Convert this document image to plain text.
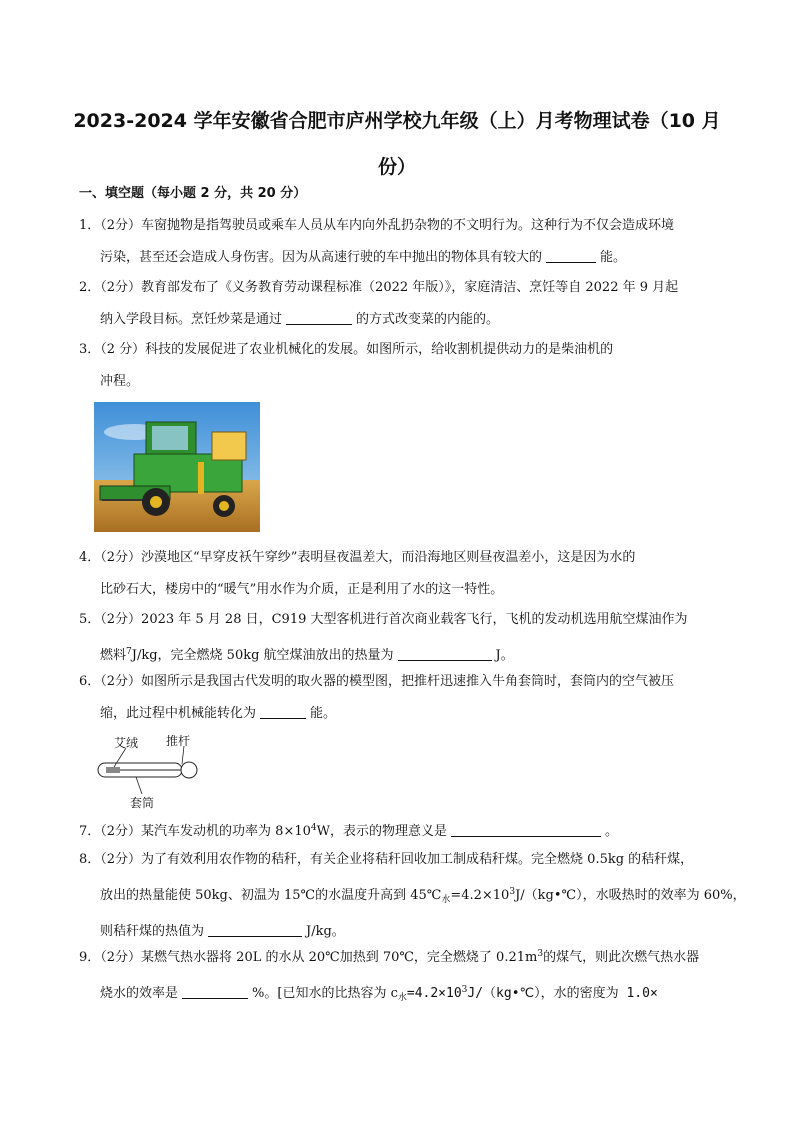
2023-2024 学年安徽省合肥市庐州学校九年级（上）月考物理试卷（10 月
份）
一、填空题（每小题 2 分，共 20 分）
1．（2分）车窗抛物是指驾驶员或乘车人员从车内向外乱扔杂物的不文明行为。这种行为不仅会造成环境
污染，甚至还会造成人身伤害。因为从高速行驶的车中抛出的物体具有较大的	能。
2．（2分）教育部发布了《义务教育劳动课程标准（2022 年版）》，家庭清洁、烹饪等自 2022 年 9 月起
纳入学段目标。烹饪炒菜是通过	的方式改变菜的内能的。
3．（2 分）科技的发展促进了农业机械化的发展。如图所示，给收割机提供动力的是柴油机的
冲程。
4．（2分）沙漠地区“早穿皮袄午穿纱”表明昼夜温差大，而沿海地区则昼夜温差小，这是因为水的
比砂石大，楼房中的“暖气”用水作为介质，正是利用了水的这一特性。
5．（2分）2023 年 5 月 28 日，C919 大型客机进行首次商业载客飞行，飞机的发动机选用航空煤油作为
燃料$^7$J/kg，完全燃烧 50kg 航空煤油放出的热量为	J。
6．（2分）如图所示是我国古代发明的取火器的模型图，把推杆迅速推入牛角套筒时，套筒内的空气被压
缩，此过程中机械能转化为	能。
艾绒 推杆
套筒
7．（2分）某汽车发动机的功率为 $8\times 10^4W$，表示的物理意义是	。
8．（2分）为了有效利用农作物的秸秆，有关企业将秸秆回收加工制成秸秆煤。完全燃烧 0.5kg 的秸秆煤，
放出的热量能使 50kg、初温为 15℃的水温度升高到 $45℃_水=4.2\times 10^3J/(kg•℃)$，水吸热时的效率为 60%，
则秸秆煤的热值为	J/kg。
9．（2分）某燃气热水器将 20L 的水从 20℃加热到 70℃，完全燃烧了 $0.21m^3$的煤气，则此次燃气热水器
烧水的效率是	%。[已知水的比热容为 $c_水=4.2\times 10^3J/(kg•℃)$，水的密度为 1.0×
